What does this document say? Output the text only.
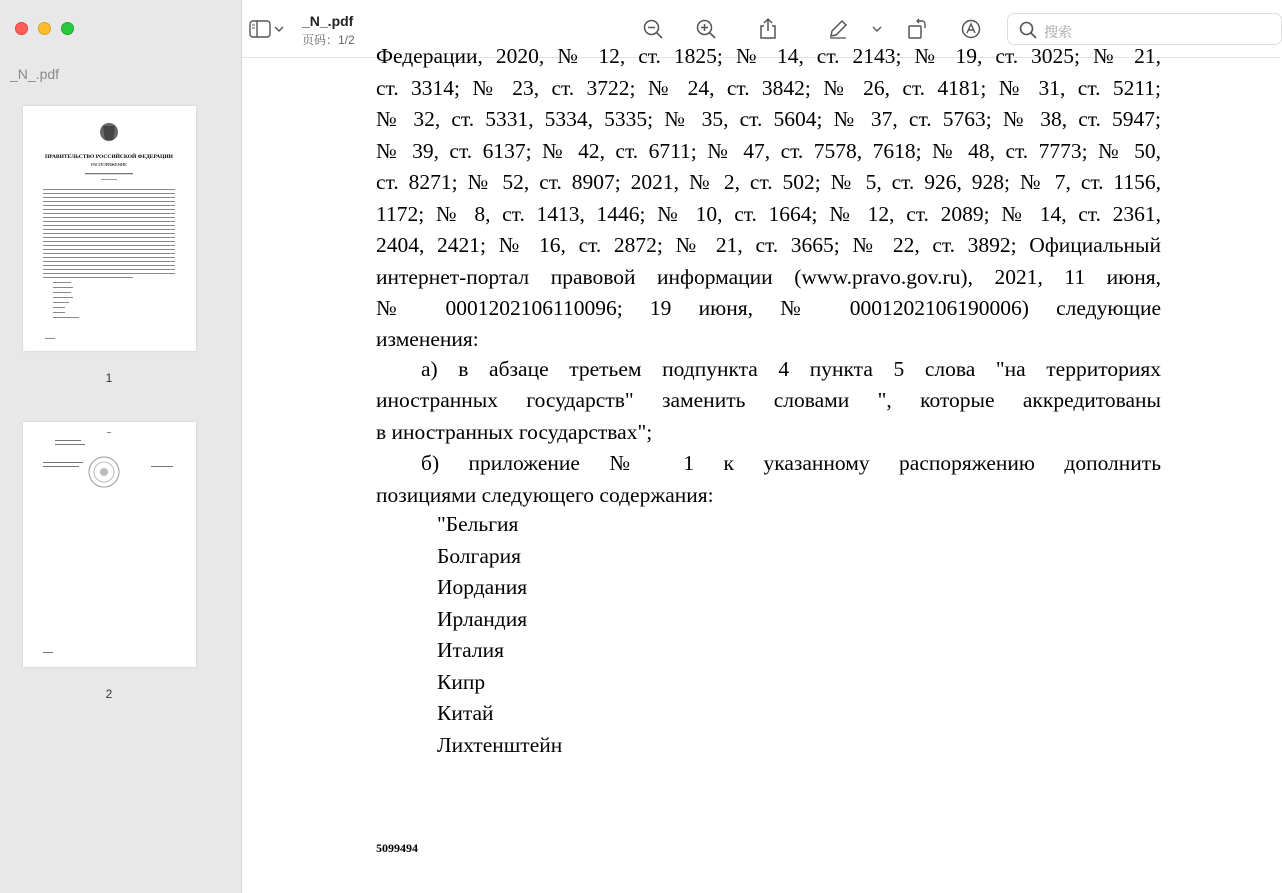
_N_.pdf
ПРАВИТЕЛЬСТВО РОССИЙСКОЙ ФЕДЕРАЦИИ
РАСПОРЯЖЕНИЕ
1
2
_N_.pdf
页码：1/2	搜索
Федерации, 2020, № 12, ст. 1825; № 14, ст. 2143; № 19, ст. 3025; № 21,
ст. 3314; № 23, ст. 3722; № 24, ст. 3842; № 26, ст. 4181; № 31, ст. 5211;
№ 32, ст. 5331, 5334, 5335; № 35, ст. 5604; № 37, ст. 5763; № 38, ст. 5947;
№ 39, ст. 6137; № 42, ст. 6711; № 47, ст. 7578, 7618; № 48, ст. 7773; № 50,
ст. 8271; № 52, ст. 8907; 2021, № 2, ст. 502; № 5, ст. 926, 928; № 7, ст. 1156,
1172; № 8, ст. 1413, 1446; № 10, ст. 1664; № 12, ст. 2089; № 14, ст. 2361,
2404, 2421; № 16, ст. 2872; № 21, ст. 3665; № 22, ст. 3892; Официальный
интернет-портал правовой информации (www.pravo.gov.ru), 2021, 11 июня,
№ 0001202106110096; 19 июня, № 0001202106190006) следующие
изменения:
а) в абзаце третьем подпункта 4 пункта 5 слова "на территориях
иностранных государств" заменить словами ", которые аккредитованы
в иностранных государствах";
б) приложение № 1 к указанному распоряжению дополнить
позициями следующего содержания:
"Бельгия
Болгария
Иордания
Ирландия
Италия
Кипр
Китай
Лихтенштейн
5099494
